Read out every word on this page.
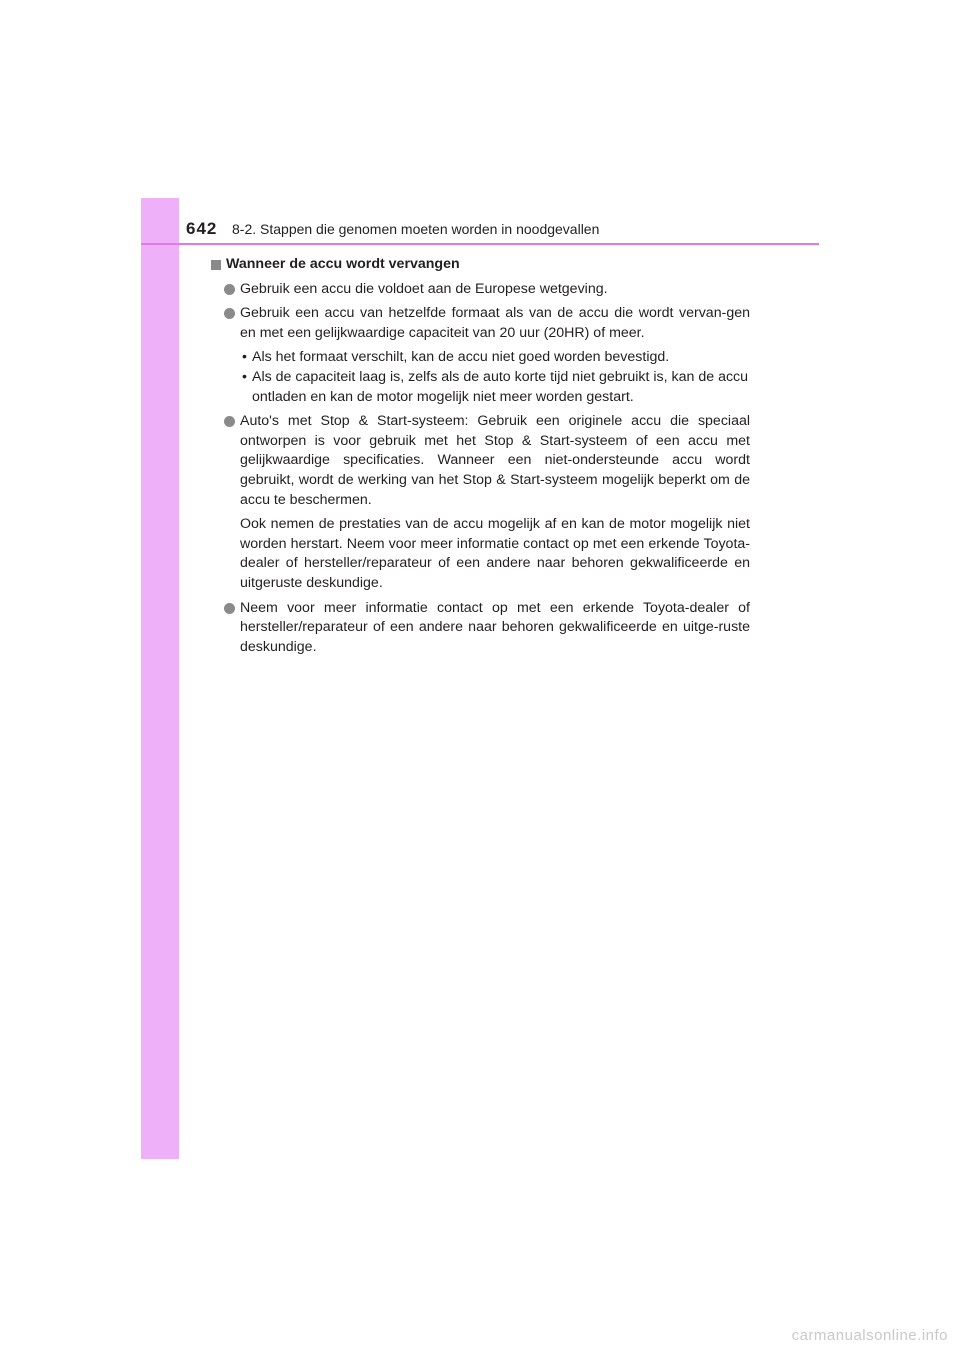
642 8-2. Stappen die genomen moeten worden in noodgevallen
Wanneer de accu wordt vervangen
Gebruik een accu die voldoet aan de Europese wetgeving.
Gebruik een accu van hetzelfde formaat als van de accu die wordt vervan-gen en met een gelijkwaardige capaciteit van 20 uur (20HR) of meer.
• Als het formaat verschilt, kan de accu niet goed worden bevestigd.
• Als de capaciteit laag is, zelfs als de auto korte tijd niet gebruikt is, kan de accu ontladen en kan de motor mogelijk niet meer worden gestart.
Auto's met Stop & Start-systeem: Gebruik een originele accu die speciaal ontworpen is voor gebruik met het Stop & Start-systeem of een accu met gelijkwaardige specificaties. Wanneer een niet-ondersteunde accu wordt gebruikt, wordt de werking van het Stop & Start-systeem mogelijk beperkt om de accu te beschermen.
Ook nemen de prestaties van de accu mogelijk af en kan de motor mogelijk niet worden herstart. Neem voor meer informatie contact op met een erkende Toyota-dealer of hersteller/reparateur of een andere naar behoren gekwalificeerde en uitgeruste deskundige.
Neem voor meer informatie contact op met een erkende Toyota-dealer of hersteller/reparateur of een andere naar behoren gekwalificeerde en uitge-ruste deskundige.
carmanualsonline.info
